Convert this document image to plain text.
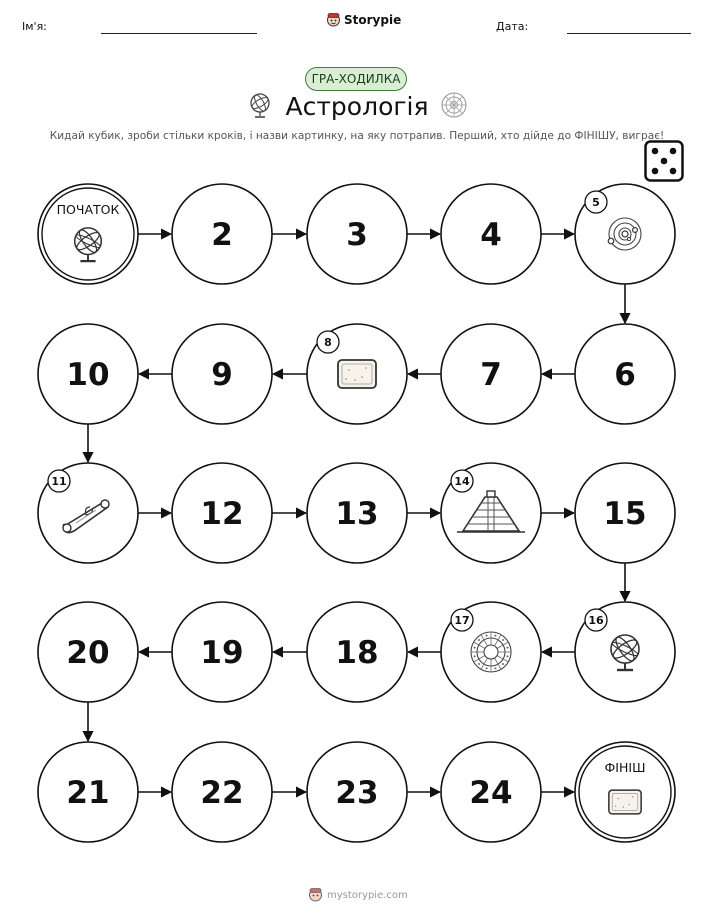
Ім'я:	Storypie	Дата:
ГРА-ХОДИЛКА
Астрологія
Кидай кубик, зроби стільки кроків, і назви картинку, на яку потрапив. Перший, хто дійде до ФІНІШУ, виграє!
ПОЧАТОК
2	3	4
5
6
7
8
9
10
11
12	13
14
15
16
17
18
19
20
21	22	23	24
ФІНІШ
mystorypie.com
